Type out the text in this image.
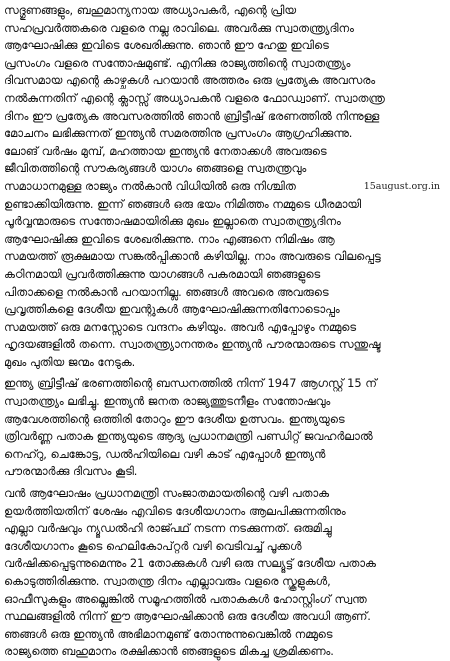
സദ്ഗുണങ്ങളും, ബഹുമാന്യനായ അധ്യാപകർ, എന്റെ പ്രിയ
സഹപ്രവർത്തകരെ വളരെ നല്ല രാവിലെ. അവർക്കു സ്വാതന്ത്ര്യദിനം
ആഘോഷിക്കു ഇവിടെ ശേഖരിക്കുന്നു. ഞാൻ ഈ ഹേതു ഇവിടെ
പ്രസംഗം വളരെ സന്തോഷമുണ്ട്. എനിക്കു രാജ്യത്തിന്റെ സ്വാതന്ത്ര്യം
ദിവസമായ എന്റെ കാഴ്ചകൾ പറയാൻ അത്തരം ഒരു പ്രത്യേക അവസരം
നൽകുന്നതിന് എന്റെ ക്ലാസ്സ് അധ്യാപകൻ വളരെ ഫോഡ്വാണ്. സ്വാതന്ത്ര
ദിനം ഈ പ്രത്യേക അവസരത്തിൽ ഞാൻ ബ്രിട്ടീഷ് ഭരണത്തിൽ നിന്നുള്ള
മോചനം ലഭിക്കുന്നത് ഇന്ത്യൻ സമരത്തിനു പ്രസംഗം ആഗ്രഹിക്കുന്നു.
ലോങ് വർഷം മുമ്പ്, മഹത്തായ ഇന്ത്യൻ നേതാക്കൾ അവരുടെ
ജീവിതത്തിന്റെ സൗകര്യങ്ങൾ യാഗം ഞങ്ങളെ സ്വതന്ത്രവും
സമാധാനമുള്ള രാജ്യം നൽകാൻ വിധിയിൽ ഒരു നിശ്ചിത	15august.org.in
ഉണ്ടാക്കിയിരുന്നു. ഇന്ന് ഞങ്ങൾ ഒരു ഭയം നിമിത്തം നമ്മുടെ ധീരമായി
പൂർവ്വന്മാരുടെ സന്തോഷമായിരിക്കു മുഖം ഇല്ലാതെ സ്വാതന്ത്ര്യദിനം
ആഘോഷിക്കു ഇവിടെ ശേഖരിക്കുന്നു. നാം എങ്ങനെ നിമിഷം ആ
സമയത്ത് രൂക്ഷമായ സങ്കൽപ്പിക്കാൻ കഴിയില്ല. നാം അവരുടെ വിലപ്പെട്ട
കഠിനമായി പ്രവർത്തിക്കുന്നു യാഗങ്ങൾ പകരമായി ഞങ്ങളുടെ
പിതാക്കളെ നൽകാൻ പറയാനില്ല. ഞങ്ങൾ അവരെ അവരുടെ
പ്രവൃത്തികളെ ദേശീയ ഇവന്റുകൾ ആഘോഷിക്കുന്നതിനോടൊപ്പം
സമയത്ത് ഒരു മനസ്സോടെ വന്ദനം കഴിയും. അവർ എപ്പോഴും നമ്മുടെ
ഹൃദയങ്ങളിൽ തന്നെ. സ്വാതന്ത്ര്യാനന്തരം ഇന്ത്യൻ പൗരന്മാരുടെ സന്തുഷ്ട
മുഖം പുതിയ ജന്മം നേടുക.
ഇന്ത്യ ബ്രിട്ടീഷ് ഭരണത്തിന്റെ ബന്ധനത്തിൽ നിന്ന് 1947 ആഗസ്റ്റ് 15 ന്
സ്വാതന്ത്ര്യം ലഭിച്ചു. ഇന്ത്യൻ ജനത രാജ്യത്തുടനീളം സന്തോഷവും
ആവേശത്തിന്റെ ഒത്തിരി തോറും ഈ ദേശീയ ഉത്സവം. ഇന്ത്യയുടെ
ത്രിവർണ്ണ പതാക ഇന്ത്യയുടെ ആദ്യ പ്രധാനമന്ത്രി പണ്ഡിറ്റ് ജവഹർലാൽ
നെഹ്റു, ചെങ്കോട്ട, ഡൽഹിയിലെ വഴി കാട് എപ്പോൾ ഇന്ത്യൻ
പൗരന്മാർക്കു ദിവസം കൂടി.
വൻ ആഘോഷം പ്രധാനമന്ത്രി സംജാതമായതിന്റെ വഴി പതാക
ഉയർത്തിയതിന് ശേഷം എവിടെ ദേശീയഗാനം ആലപിക്കുന്നതിനും
എല്ലാ വർഷവും ന്യൂഡൽഹി രാജ്പഥ് നടന്ന നടക്കുന്നത്. ഒരുമിച്ചു
ദേശീയഗാനം കൂടെ ഹെലികോപ്റ്റർ വഴി വെടിവച്ച് പൂക്കൾ
വർഷിക്കപ്പെടുന്നുമെന്നും 21 തോക്കുകൾ വഴി ഒരു സല്യൂട്ട് ദേശീയ പതാക
കൊടുത്തിരിക്കുന്നു. സ്വാതന്ത്ര ദിനം എല്ലാവരും വളരെ സ്കൂളുകൾ,
ഓഫീസുകളും അല്ലെങ്കിൽ സമൂഹത്തിൽ പതാകകൾ ഹോസ്റ്റിംഗ് സ്വന്ത
സ്ഥലങ്ങളിൽ നിന്ന് ഈ ആഘോഷിക്കാൻ ഒരു ദേശീയ അവധി ആണ്.
ഞങ്ങൾ ഒരു ഇന്ത്യൻ അഭിമാനമുണ്ട് തോന്നുന്നുവെങ്കിൽ നമ്മുടെ
രാജ്യത്തെ ബഹുമാനം രക്ഷിക്കാൻ ഞങ്ങളുടെ മികച്ച ശ്രമിക്കണം.
